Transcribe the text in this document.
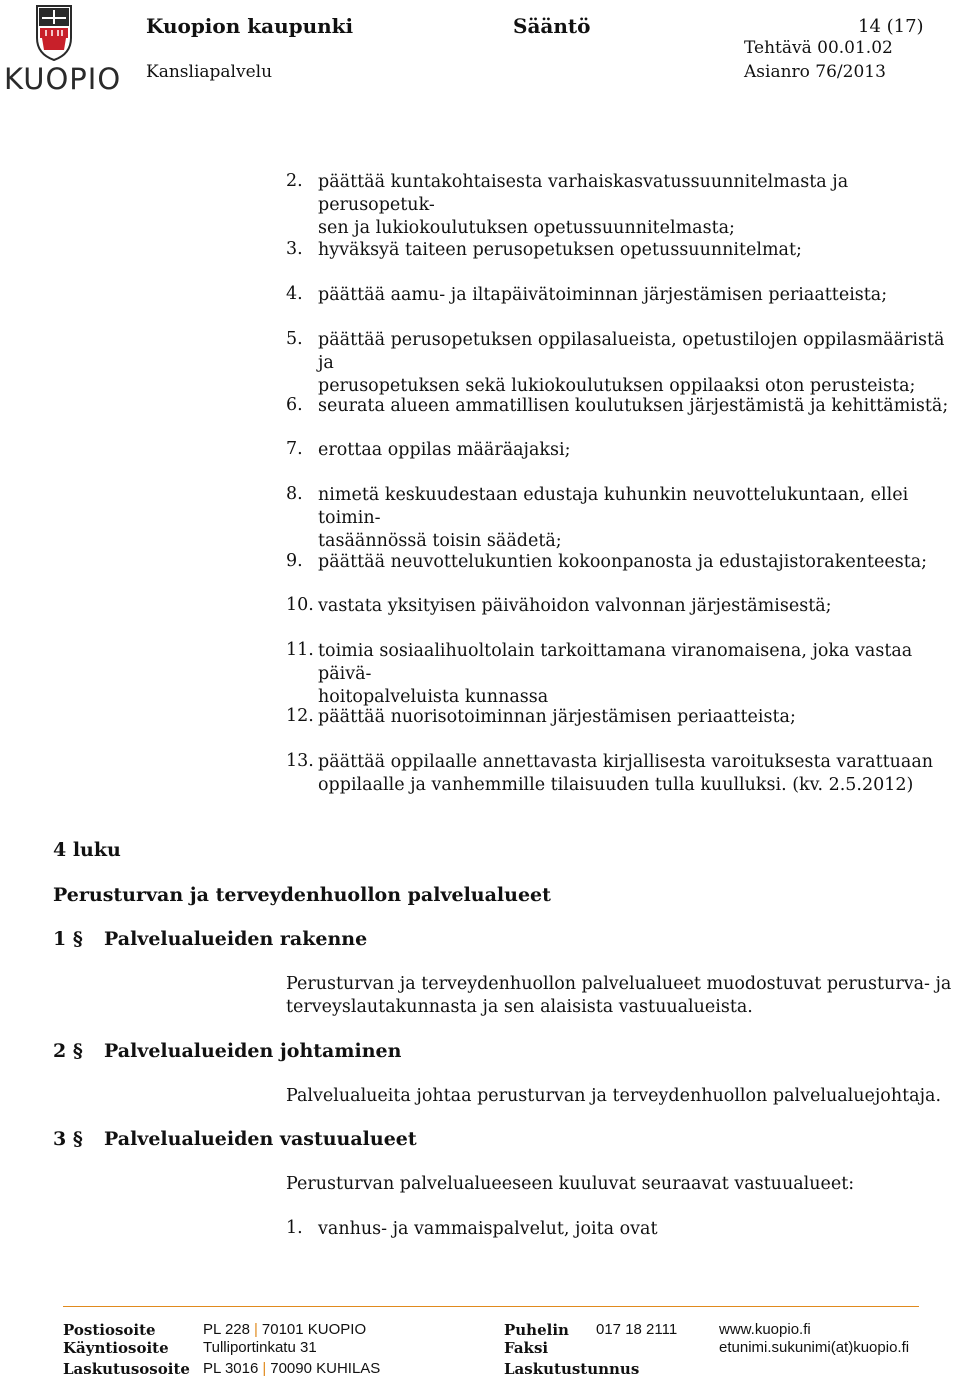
KUOPIO
Kuopion kaupunki	Sääntö	14 (17)
Tehtävä 00.01.02
Kansliapalvelu	Asianro 76/2013
2. päättää kuntakohtaisesta varhaiskasvatussuunnitelmasta ja perusopetuk-
sen ja lukiokoulutuksen opetussuunnitelmasta;
3. hyväksyä taiteen perusopetuksen opetussuunnitelmat;
4. päättää aamu- ja iltapäivätoiminnan järjestämisen periaatteista;
5. päättää perusopetuksen oppilasalueista, opetustilojen oppilasmääristä ja
perusopetuksen sekä lukiokoulutuksen oppilaaksi oton perusteista;
6. seurata alueen ammatillisen koulutuksen järjestämistä ja kehittämistä;
7. erottaa oppilas määräajaksi;
8. nimetä keskuudestaan edustaja kuhunkin neuvottelukuntaan, ellei toimin-
tasäännössä toisin säädetä;
9. päättää neuvottelukuntien kokoonpanosta ja edustajistorakenteesta;
10. vastata yksityisen päivähoidon valvonnan järjestämisestä;
11. toimia sosiaalihuoltolain tarkoittamana viranomaisena, joka vastaa päivä-
hoitopalveluista kunnassa
12. päättää nuorisotoiminnan järjestämisen periaatteista;
13. päättää oppilaalle annettavasta kirjallisesta varoituksesta varattuaan
oppilaalle ja vanhemmille tilaisuuden tulla kuulluksi. (kv. 2.5.2012)
4 luku
Perusturvan ja terveydenhuollon palvelualueet
1 § Palvelualueiden rakenne
Perusturvan ja terveydenhuollon palvelualueet muodostuvat perusturva- ja
terveyslautakunnasta ja sen alaisista vastuualueista.
2 § Palvelualueiden johtaminen
Palvelualueita johtaa perusturvan ja terveydenhuollon palvelualuejohtaja.
3 § Palvelualueiden vastuualueet
Perusturvan palvelualueeseen kuuluvat seuraavat vastuualueet:
1. vanhus- ja vammaispalvelut, joita ovat
Postiosoite	PL 228 | 70101 KUOPIO	Puhelin 017 18 2111	www.kuopio.fi
Käyntiosoite Tulliportinkatu 31	Faksi	etunimi.sukunimi(at)kuopio.fi
Laskutusosoite PL 3016 | 70090 KUHILAS	Laskutustunnus
